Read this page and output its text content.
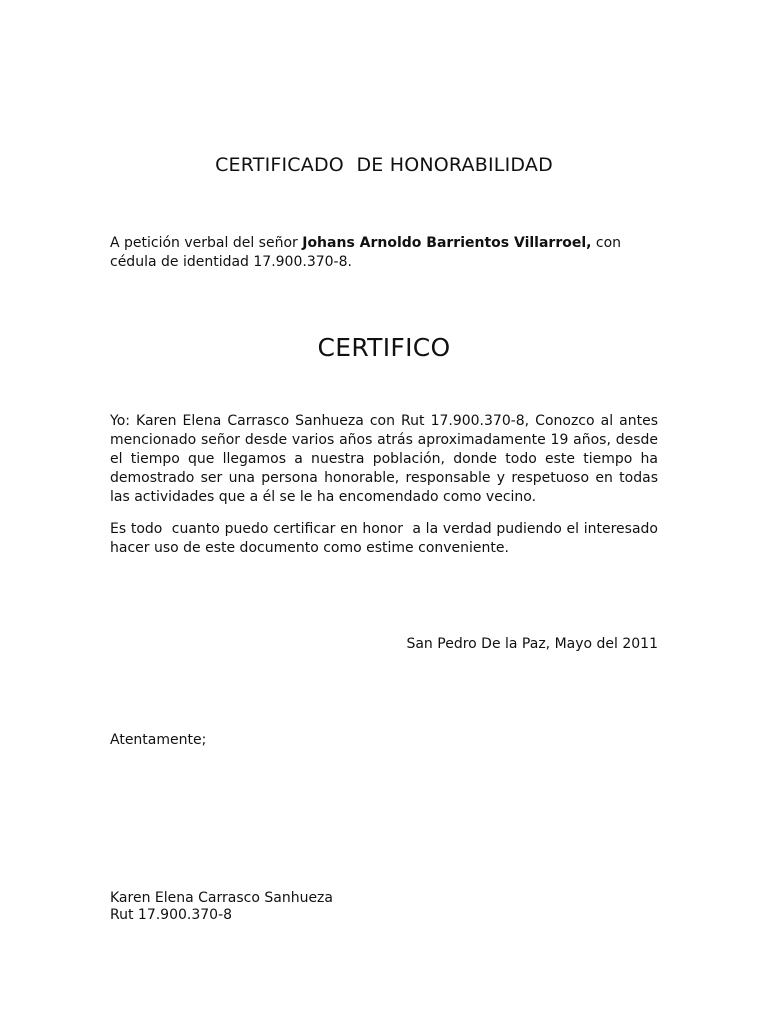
CERTIFICADO  DE HONORABILIDAD
A petición verbal del señor Johans Arnoldo Barrientos Villarroel, con cédula de identidad 17.900.370-8.
CERTIFICO
Yo: Karen Elena Carrasco Sanhueza con Rut 17.900.370-8, Conozco al antes mencionado señor desde varios años atrás aproximadamente 19 años, desde el tiempo que llegamos a nuestra población, donde todo este tiempo ha demostrado ser una persona honorable, responsable y respetuoso en todas las actividades que a él se le ha encomendado como vecino.
Es todo  cuanto puedo certificar en honor  a la verdad pudiendo el interesado hacer uso de este documento como estime conveniente.
San Pedro De la Paz, Mayo del 2011
Atentamente;
Karen Elena Carrasco Sanhueza
Rut 17.900.370-8
